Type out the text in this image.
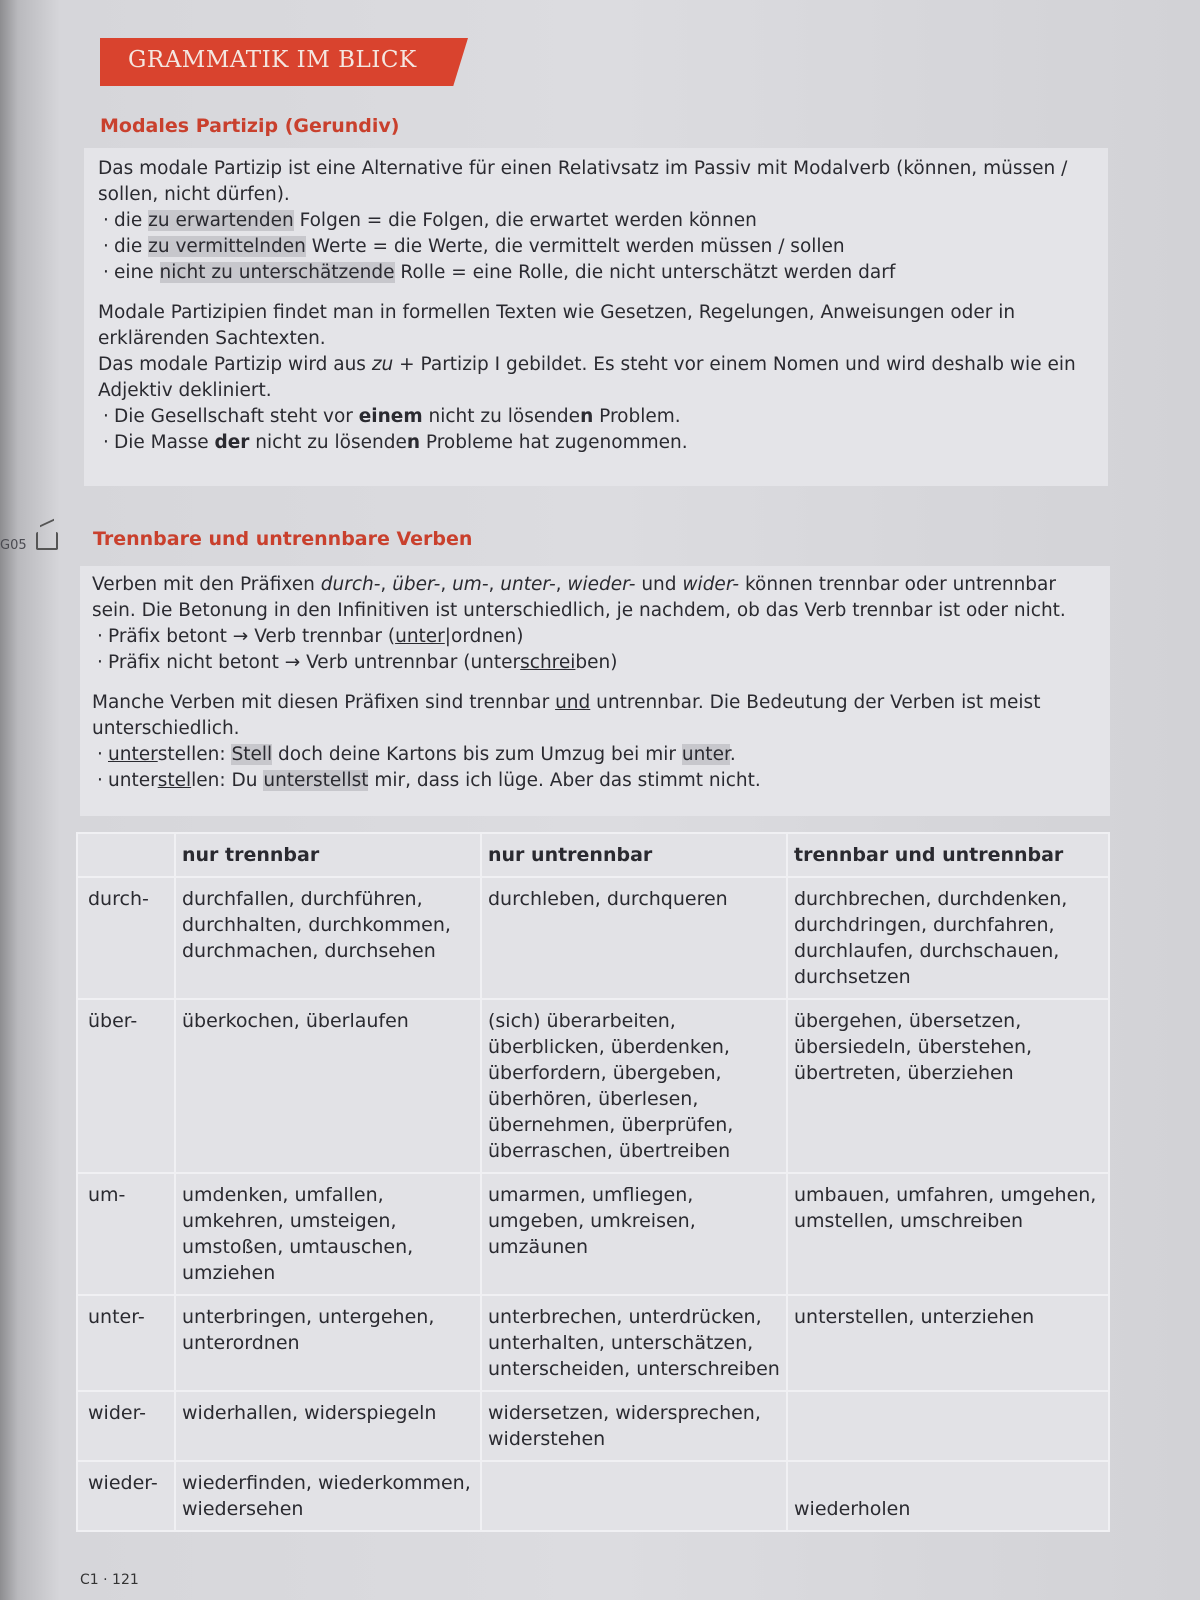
GRAMMATIK IM BLICK
Modales Partizip (Gerundiv)

Das modale Partizip ist eine Alternative für einen Relativsatz im Passiv mit Modalverb (können, müssen / sollen, nicht dürfen).

· die zu erwartenden Folgen = die Folgen, die erwartet werden können

· die zu vermittelnden Werte = die Werte, die vermittelt werden müssen / sollen

· eine nicht zu unterschätzende Rolle = eine Rolle, die nicht unterschätzt werden darf

Modale Partizipien findet man in formellen Texten wie Gesetzen, Regelungen, Anweisungen oder in erklärenden Sachtexten.

Das modale Partizip wird aus zu + Partizip I gebildet. Es steht vor einem Nomen und wird deshalb wie ein Adjektiv dekliniert.

· Die Gesellschaft steht vor einem nicht zu lösenden Problem.

· Die Masse der nicht zu lösenden Probleme hat zugenommen.

G05	Trennbare und untrennbare Verben

Verben mit den Präfixen durch-, über-, um-, unter-, wieder- und wider- können trennbar oder untrennbar sein. Die Betonung in den Infinitiven ist unterschiedlich, je nachdem, ob das Verb trennbar ist oder nicht.

· Präfix betont → Verb trennbar (unter|ordnen)

· Präfix nicht betont → Verb untrennbar (unterschreiben)

Manche Verben mit diesen Präfixen sind trennbar und untrennbar. Die Bedeutung der Verben ist meist unterschiedlich.

· unterstellen: Stell doch deine Kartons bis zum Umzug bei mir unter.

· unterstellen: Du unterstellst mir, dass ich lüge. Aber das stimmt nicht.

	nur trennbar	nur untrennbar	trennbar und untrennbar
durch-	durchfallen, durchführen, durchhalten, durchkommen, durchmachen, durchsehen	durchleben, durchqueren	durchbrechen, durchdenken, durchdringen, durchfahren, durchlaufen, durchschauen, durchsetzen
über-	überkochen, überlaufen	(sich) überarbeiten, überblicken, überdenken, überfordern, übergeben, überhören, überlesen, übernehmen, überprüfen, überraschen, übertreiben	übergehen, übersetzen, übersiedeln, überstehen, übertreten, überziehen
um-	umdenken, umfallen, umkehren, umsteigen, umstoßen, umtauschen, umziehen	umarmen, umfliegen, umgeben, umkreisen, umzäunen	umbauen, umfahren, umgehen, umstellen, umschreiben
unter-	unterbringen, untergehen, unterordnen	unterbrechen, unterdrücken, unterhalten, unterschätzen, unterscheiden, unterschreiben	unterstellen, unterziehen
wider-	widerhallen, widerspiegeln	widersetzen, widersprechen, widerstehen	
wieder-	wiederfinden, wiederkommen, wiedersehen		wiederholen
C1 · 121
